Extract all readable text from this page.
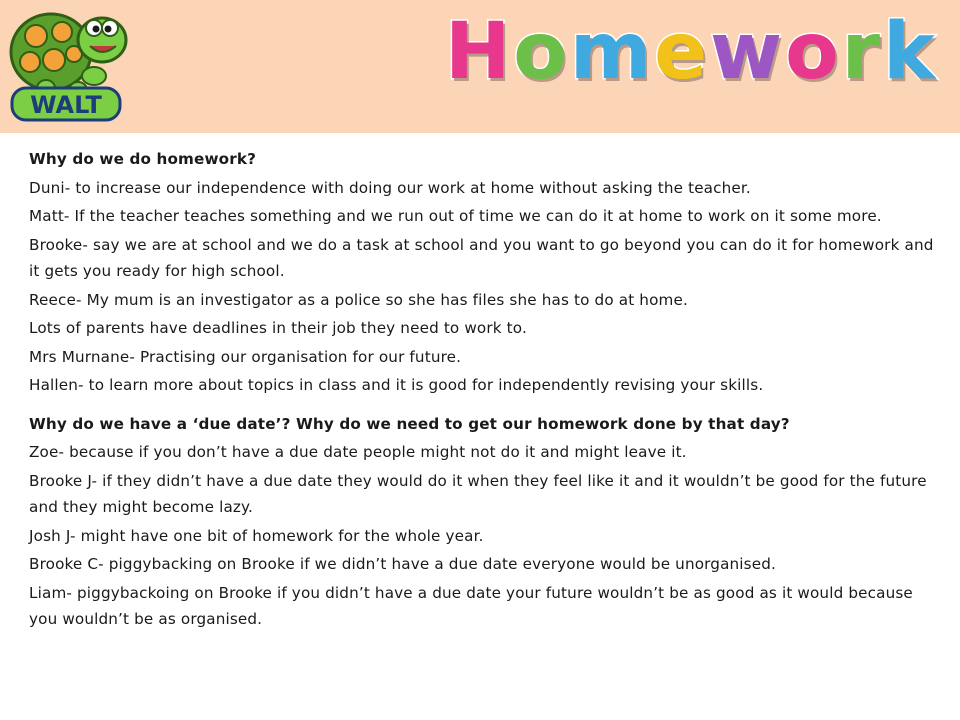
WALT
Homework

Why do we do homework?

Duni- to increase our independence with doing our work at home without asking the teacher.

Matt- If the teacher teaches something and we run out of time we can do it at home to work on it some more.

Brooke- say we are at school and we do a task at school and you want to go beyond you can do it for homework and it gets you ready for high school.

Reece- My mum is an investigator as a police so she has files she has to do at home.

Lots of parents have deadlines in their job they need to work to.

Mrs Murnane- Practising our organisation for our future.

Hallen- to learn more about topics in class and it is good for independently revising your skills.

Why do we have a ‘due date’? Why do we need to get our homework done by that day?

Zoe- because if you don’t have a due date people might not do it and might leave it.

Brooke J- if they didn’t have a due date they would do it when they feel like it and it wouldn’t be good for the future and they might become lazy.

Josh J- might have one bit of homework for the whole year.

Brooke C- piggybacking on Brooke if we didn’t have a due date everyone would be unorganised.

Liam- piggybackoing on Brooke if you didn’t have a due date your future wouldn’t be as good as it would because you wouldn’t be as organised.
